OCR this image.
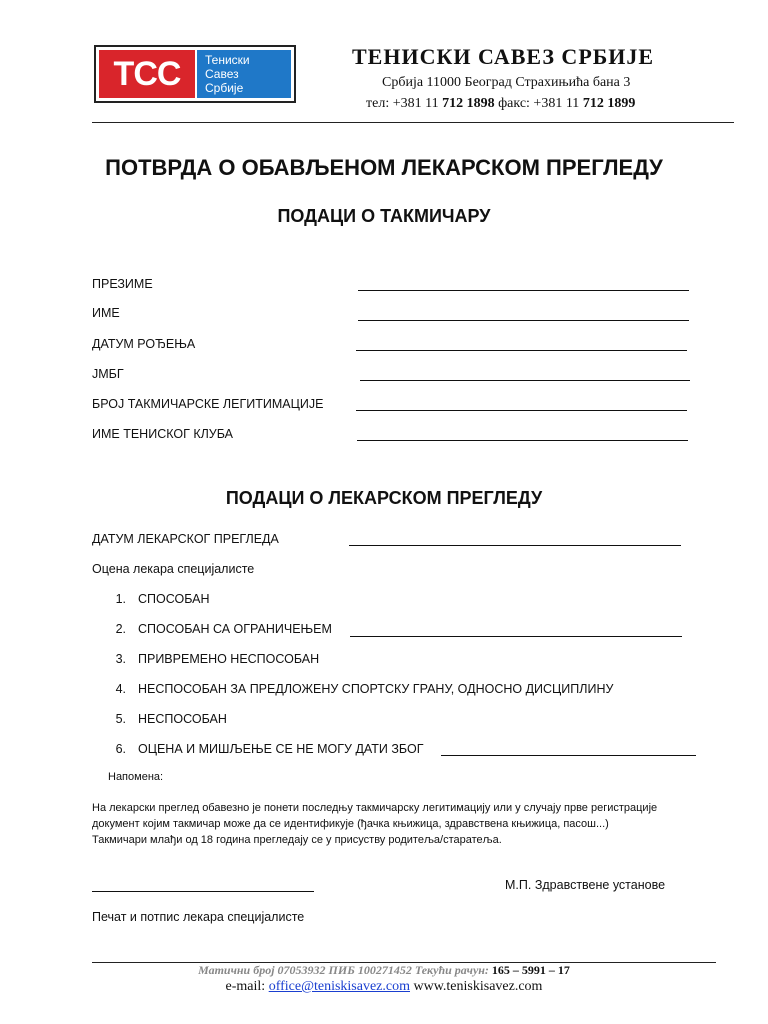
ТСС	Тениски
Савез
Србије
ТЕНИСКИ САВЕЗ СРБИЈЕ
Србија 11000 Београд Страхињића бана 3
тел: +381 11 712 1898 факс: +381 11 712 1899
ПОТВРДА О ОБАВЉЕНОМ ЛЕКАРСКОМ ПРЕГЛЕДУ
ПОДАЦИ О ТАКМИЧАРУ
ПРЕЗИМЕ
ИМЕ
ДАТУМ РОЂЕЊА
ЈМБГ
БРОЈ ТАКМИЧАРСКЕ ЛЕГИТИМАЦИЈЕ
ИМЕ ТЕНИСКОГ КЛУБА
ПОДАЦИ О ЛЕКАРСКОМ ПРЕГЛЕДУ
ДАТУМ ЛЕКАРСКОГ ПРЕГЛЕДА
Оцена лекара специјалисте
1. СПОСОБАН
2. СПОСОБАН СА ОГРАНИЧЕЊЕМ
3. ПРИВРЕМЕНО НЕСПОСОБАН
4. НЕСПОСОБАН ЗА ПРЕДЛОЖЕНУ СПОРТСКУ ГРАНУ, ОДНОСНО ДИСЦИПЛИНУ
5. НЕСПОСОБАН
6. ОЦЕНА И МИШЉЕЊЕ СЕ НЕ МОГУ ДАТИ ЗБОГ
Напомена:
На лекарски преглед обавезно је понети последњу такмичарску легитимацију или у случају прве регистрације
документ којим такмичар може да се идентификује (ђачка књижица, здравствена књижица, пасош...)
Такмичари млађи од 18 година прегледају се у присуству родитеља/старатеља.
М.П. Здравствене установе
Печат и потпис лекара специјалисте
Матични број 07053932 ПИБ 100271452 Текући рачун: 165 – 5991 – 17
e-mail: office@teniskisavez.com www.teniskisavez.com
